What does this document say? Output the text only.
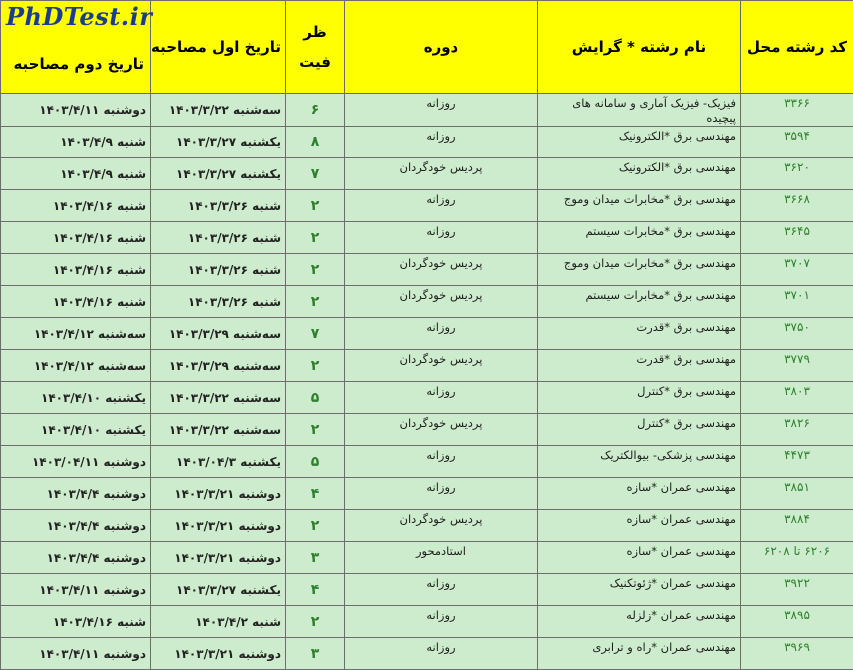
کد رشته محل	نام رشته * گرایش	دوره	ظر فیت	تاریخ اول مصاحبه	تاریخ دوم مصاحبه
۳۳۶۶	فیزیک- فیزیک آماری و سامانه های پیچیده	روزانه	۶	سه‌شنبه ۱۴۰۳/۳/۲۲	دوشنبه ۱۴۰۳/۴/۱۱
۳۵۹۴	مهندسی برق *الکترونیک	روزانه	۸	یکشنبه ۱۴۰۳/۳/۲۷	شنبه ۱۴۰۳/۴/۹
۳۶۲۰	مهندسی برق *الکترونیک	پردیس خودگردان	۷	یکشنبه ۱۴۰۳/۳/۲۷	شنبه ۱۴۰۳/۴/۹
۳۶۶۸	مهندسی برق *مخابرات میدان وموج	روزانه	۲	شنبه ۱۴۰۳/۳/۲۶	شنبه ۱۴۰۳/۴/۱۶
۳۶۴۵	مهندسی برق *مخابرات سیستم	روزانه	۲	شنبه ۱۴۰۳/۳/۲۶	شنبه ۱۴۰۳/۴/۱۶
۳۷۰۷	مهندسی برق *مخابرات میدان وموج	پردیس خودگردان	۲	شنبه ۱۴۰۳/۳/۲۶	شنبه ۱۴۰۳/۴/۱۶
۳۷۰۱	مهندسی برق *مخابرات سیستم	پردیس خودگردان	۲	شنبه ۱۴۰۳/۳/۲۶	شنبه ۱۴۰۳/۴/۱۶
۳۷۵۰	مهندسی برق *قدرت	روزانه	۷	سه‌شنبه ۱۴۰۳/۳/۲۹	سه‌شنبه ۱۴۰۳/۴/۱۲
۳۷۷۹	مهندسی برق *قدرت	پردیس خودگردان	۲	سه‌شنبه ۱۴۰۳/۳/۲۹	سه‌شنبه ۱۴۰۳/۴/۱۲
۳۸۰۳	مهندسی برق *کنترل	روزانه	۵	سه‌شنبه ۱۴۰۳/۳/۲۲	یکشنبه ۱۴۰۳/۴/۱۰
۳۸۲۶	مهندسی برق *کنترل	پردیس خودگردان	۲	سه‌شنبه ۱۴۰۳/۳/۲۲	یکشنبه ۱۴۰۳/۴/۱۰
۴۴۷۳	مهندسی پزشکی- بیوالکتریک	روزانه	۵	یکشنبه ۱۴۰۳/۰۴/۳	دوشنبه ۱۴۰۳/۰۴/۱۱
۳۸۵۱	مهندسی عمران *سازه	روزانه	۴	دوشنبه ۱۴۰۳/۳/۲۱	دوشنبه ۱۴۰۳/۴/۴
۳۸۸۴	مهندسی عمران *سازه	پردیس خودگردان	۲	دوشنبه ۱۴۰۳/۳/۲۱	دوشنبه ۱۴۰۳/۴/۴
۶۲۰۶ تا ۶۲۰۸	مهندسی عمران *سازه	استادمحور	۳	دوشنبه ۱۴۰۳/۳/۲۱	دوشنبه ۱۴۰۳/۴/۴
۳۹۲۲	مهندسی عمران *ژئوتکنیک	روزانه	۴	یکشنبه ۱۴۰۳/۳/۲۷	دوشنبه ۱۴۰۳/۴/۱۱
۳۸۹۵	مهندسی عمران *زلزله	روزانه	۲	شنبه ۱۴۰۳/۴/۲	شنبه ۱۴۰۳/۴/۱۶
۳۹۶۹	مهندسی عمران *راه و ترابری	روزانه	۳	دوشنبه ۱۴۰۳/۳/۲۱	دوشنبه ۱۴۰۳/۴/۱۱
PhDTest.ir
